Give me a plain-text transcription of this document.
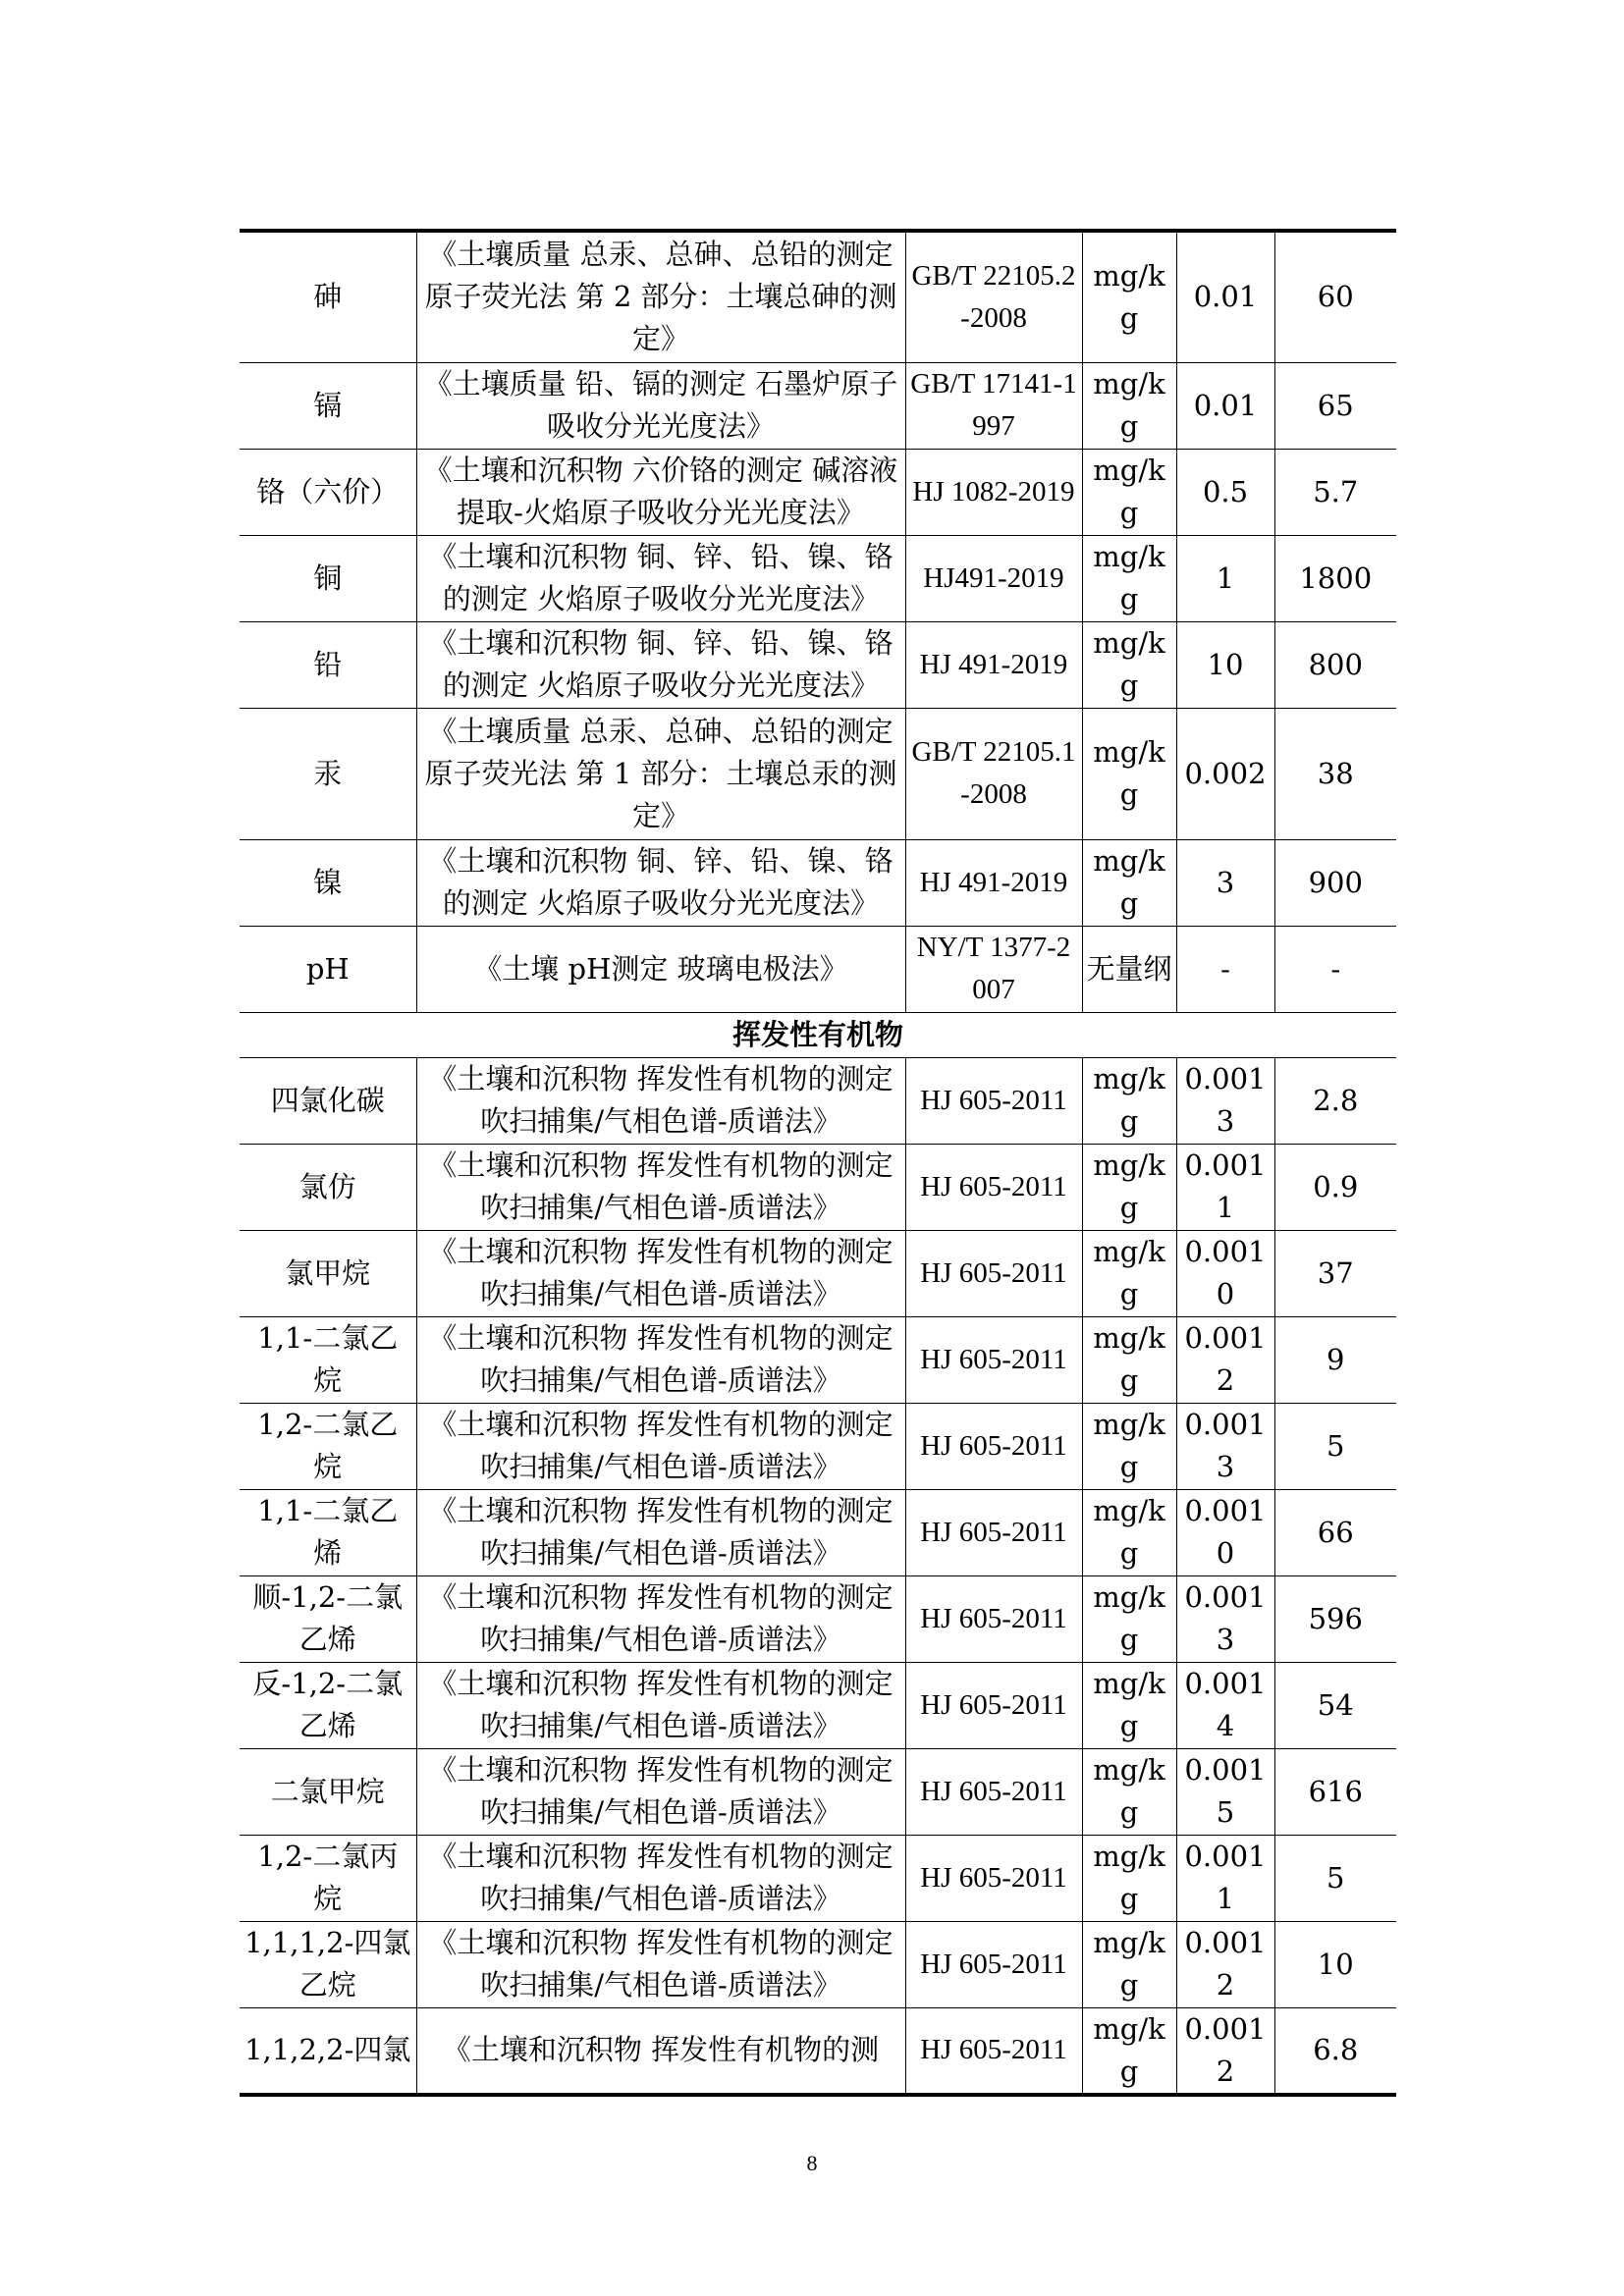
砷	《土壤质量 总汞、总砷、总铅的测定 原子荧光法 第 2 部分：土壤总砷的测定》	GB/T 22105.2-2008	mg/kg	0.01	60
镉	《土壤质量 铅、镉的测定 石墨炉原子吸收分光光度法》	GB/T 17141-1997	mg/kg	0.01	65
铬（六价）	《土壤和沉积物 六价铬的测定 碱溶液提取-火焰原子吸收分光光度法》	HJ 1082-2019	mg/kg	0.5	5.7
铜	《土壤和沉积物 铜、锌、铅、镍、铬的测定 火焰原子吸收分光光度法》	HJ491-2019	mg/kg	1	1800
铅	《土壤和沉积物 铜、锌、铅、镍、铬的测定 火焰原子吸收分光光度法》	HJ 491-2019	mg/kg	10	800
汞	《土壤质量 总汞、总砷、总铅的测定 原子荧光法 第 1 部分：土壤总汞的测定》	GB/T 22105.1-2008	mg/kg	0.002	38
镍	《土壤和沉积物 铜、锌、铅、镍、铬的测定 火焰原子吸收分光光度法》	HJ 491-2019	mg/kg	3	900
pH	《土壤 pH测定 玻璃电极法》	NY/T 1377-2007	无量纲	-	-
挥发性有机物					
四氯化碳	《土壤和沉积物 挥发性有机物的测定 吹扫捕集/气相色谱-质谱法》	HJ 605-2011	mg/kg	0.0013	2.8
氯仿	《土壤和沉积物 挥发性有机物的测定 吹扫捕集/气相色谱-质谱法》	HJ 605-2011	mg/kg	0.0011	0.9
氯甲烷	《土壤和沉积物 挥发性有机物的测定 吹扫捕集/气相色谱-质谱法》	HJ 605-2011	mg/kg	0.0010	37
1,1-二氯乙烷	《土壤和沉积物 挥发性有机物的测定 吹扫捕集/气相色谱-质谱法》	HJ 605-2011	mg/kg	0.0012	9
1,2-二氯乙烷	《土壤和沉积物 挥发性有机物的测定 吹扫捕集/气相色谱-质谱法》	HJ 605-2011	mg/kg	0.0013	5
1,1-二氯乙烯	《土壤和沉积物 挥发性有机物的测定 吹扫捕集/气相色谱-质谱法》	HJ 605-2011	mg/kg	0.0010	66
顺-1,2-二氯乙烯	《土壤和沉积物 挥发性有机物的测定 吹扫捕集/气相色谱-质谱法》	HJ 605-2011	mg/kg	0.0013	596
反-1,2-二氯乙烯	《土壤和沉积物 挥发性有机物的测定 吹扫捕集/气相色谱-质谱法》	HJ 605-2011	mg/kg	0.0014	54
二氯甲烷	《土壤和沉积物 挥发性有机物的测定 吹扫捕集/气相色谱-质谱法》	HJ 605-2011	mg/kg	0.0015	616
1,2-二氯丙烷	《土壤和沉积物 挥发性有机物的测定 吹扫捕集/气相色谱-质谱法》	HJ 605-2011	mg/kg	0.0011	5
1,1,1,2-四氯乙烷	《土壤和沉积物 挥发性有机物的测定 吹扫捕集/气相色谱-质谱法》	HJ 605-2011	mg/kg	0.0012	10
1,1,2,2-四氯	《土壤和沉积物 挥发性有机物的测	HJ 605-2011	mg/kg	0.0012	6.8
8
